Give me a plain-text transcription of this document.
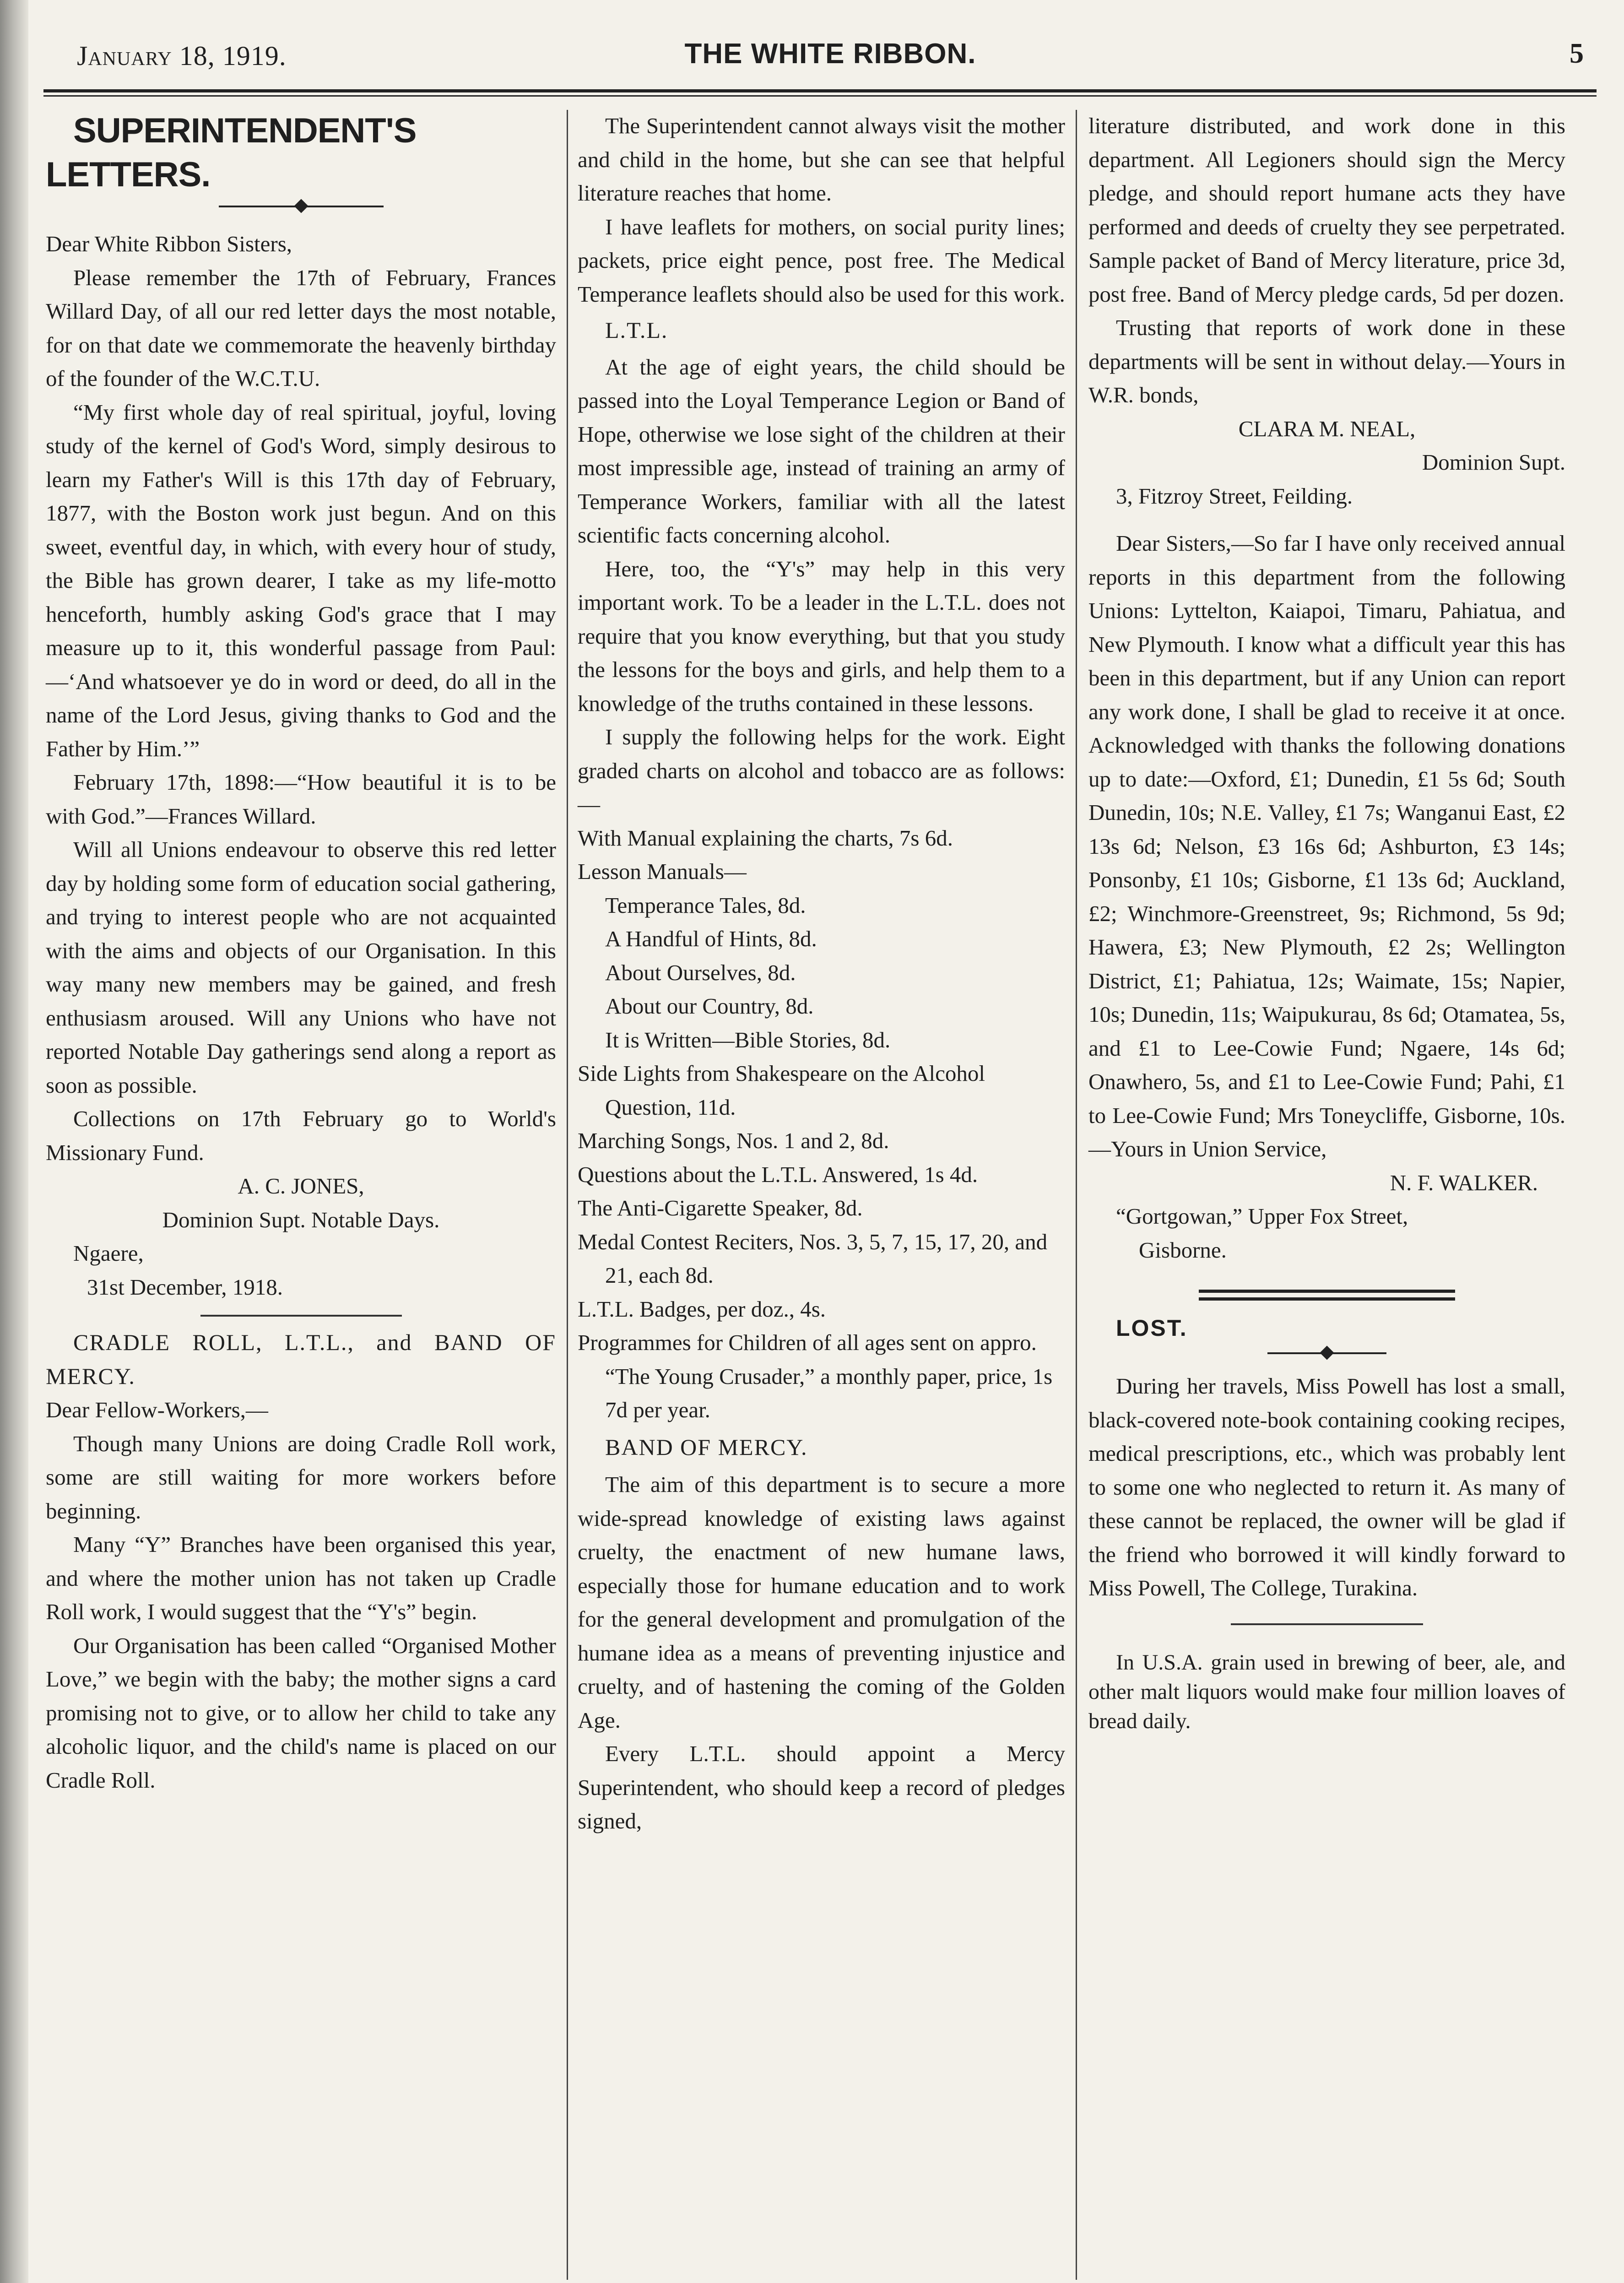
January 18, 1919.	THE WHITE RIBBON.	5

SUPERINTENDENT'S LETTERS.

Dear White Ribbon Sisters,

Please remember the 17th of February, Frances Willard Day, of all our red letter days the most notable, for on that date we commemorate the heavenly birthday of the founder of the W.C.T.U.

“My first whole day of real spiritual, joyful, loving study of the kernel of God's Word, simply desirous to learn my Father's Will is this 17th day of February, 1877, with the Boston work just begun. And on this sweet, eventful day, in which, with every hour of study, the Bible has grown dearer, I take as my life-motto henceforth, humbly asking God's grace that I may measure up to it, this wonderful passage from Paul:—‘And whatsoever ye do in word or deed, do all in the name of the Lord Jesus, giving thanks to God and the Father by Him.’”

February 17th, 1898:—“How beautiful it is to be with God.”—Frances Willard.

Will all Unions endeavour to observe this red letter day by holding some form of education social gathering, and trying to interest people who are not acquainted with the aims and objects of our Organisation. In this way many new members may be gained, and fresh enthusiasm aroused. Will any Unions who have not reported Notable Day gatherings send along a report as soon as possible.

Collections on 17th February go to World's Missionary Fund.

A. C. JONES,

Dominion Supt. Notable Days.

Ngaere,

31st December, 1918.

CRADLE ROLL, L.T.L., and BAND OF MERCY.

Dear Fellow-Workers,—

Though many Unions are doing Cradle Roll work, some are still waiting for more workers before beginning.

Many “Y” Branches have been organised this year, and where the mother union has not taken up Cradle Roll work, I would suggest that the “Y's” begin.

Our Organisation has been called “Organised Mother Love,” we begin with the baby; the mother signs a card promising not to give, or to allow her child to take any alcoholic liquor, and the child's name is placed on our Cradle Roll.

The Superintendent cannot always visit the mother and child in the home, but she can see that helpful literature reaches that home.

I have leaflets for mothers, on social purity lines; packets, price eight pence, post free. The Medical Temperance leaflets should also be used for this work.

L.T.L.

At the age of eight years, the child should be passed into the Loyal Temperance Legion or Band of Hope, otherwise we lose sight of the children at their most impressible age, instead of training an army of Temperance Workers, familiar with all the latest scientific facts concerning alcohol.

Here, too, the “Y's” may help in this very important work. To be a leader in the L.T.L. does not require that you know everything, but that you study the lessons for the boys and girls, and help them to a knowledge of the truths contained in these lessons.

I supply the following helps for the work. Eight graded charts on alcohol and tobacco are as follows:—

With Manual explaining the charts, 7s 6d.

Lesson Manuals—

Temperance Tales, 8d.

A Handful of Hints, 8d.

About Ourselves, 8d.

About our Country, 8d.

It is Written—Bible Stories, 8d.

Side Lights from Shakespeare on the Alcohol Question, 11d.

Marching Songs, Nos. 1 and 2, 8d.

Questions about the L.T.L. Answered, 1s 4d.

The Anti-Cigarette Speaker, 8d.

Medal Contest Reciters, Nos. 3, 5, 7, 15, 17, 20, and 21, each 8d.

L.T.L. Badges, per doz., 4s.

Programmes for Children of all ages sent on appro. “The Young Crusader,” a monthly paper, price, 1s 7d per year.

BAND OF MERCY.

The aim of this department is to secure a more wide-spread knowledge of existing laws against cruelty, the enactment of new humane laws, especially those for humane education and to work for the general development and promulgation of the humane idea as a means of preventing injustice and cruelty, and of hastening the coming of the Golden Age.

Every L.T.L. should appoint a Mercy Superintendent, who should keep a record of pledges signed,

literature distributed, and work done in this department. All Legioners should sign the Mercy pledge, and should report humane acts they have performed and deeds of cruelty they see perpetrated. Sample packet of Band of Mercy literature, price 3d, post free. Band of Mercy pledge cards, 5d per dozen.

Trusting that reports of work done in these departments will be sent in without delay.—Yours in W.R. bonds,

CLARA M. NEAL,

Dominion Supt.

3, Fitzroy Street, Feilding.

Dear Sisters,—So far I have only received annual reports in this department from the following Unions: Lyttelton, Kaiapoi, Timaru, Pahiatua, and New Plymouth. I know what a difficult year this has been in this department, but if any Union can report any work done, I shall be glad to receive it at once. Acknowledged with thanks the following donations up to date:—Oxford, £1; Dunedin, £1 5s 6d; South Dunedin, 10s; N.E. Valley, £1 7s; Wanganui East, £2 13s 6d; Nelson, £3 16s 6d; Ashburton, £3 14s; Ponsonby, £1 10s; Gisborne, £1 13s 6d; Auckland, £2; Winchmore-Greenstreet, 9s; Richmond, 5s 9d; Hawera, £3; New Plymouth, £2 2s; Wellington District, £1; Pahiatua, 12s; Waimate, 15s; Napier, 10s; Dunedin, 11s; Waipukurau, 8s 6d; Otamatea, 5s, and £1 to Lee-Cowie Fund; Ngaere, 14s 6d; Onawhero, 5s, and £1 to Lee-Cowie Fund; Pahi, £1 to Lee-Cowie Fund; Mrs Toneycliffe, Gisborne, 10s.—Yours in Union Service,

N. F. WALKER.

“Gortgowan,” Upper Fox Street,

Gisborne.

LOST.

During her travels, Miss Powell has lost a small, black-covered note-book containing cooking recipes, medical prescriptions, etc., which was probably lent to some one who neglected to return it. As many of these cannot be replaced, the owner will be glad if the friend who borrowed it will kindly forward to Miss Powell, The College, Turakina.

In U.S.A. grain used in brewing of beer, ale, and other malt liquors would make four million loaves of bread daily.
